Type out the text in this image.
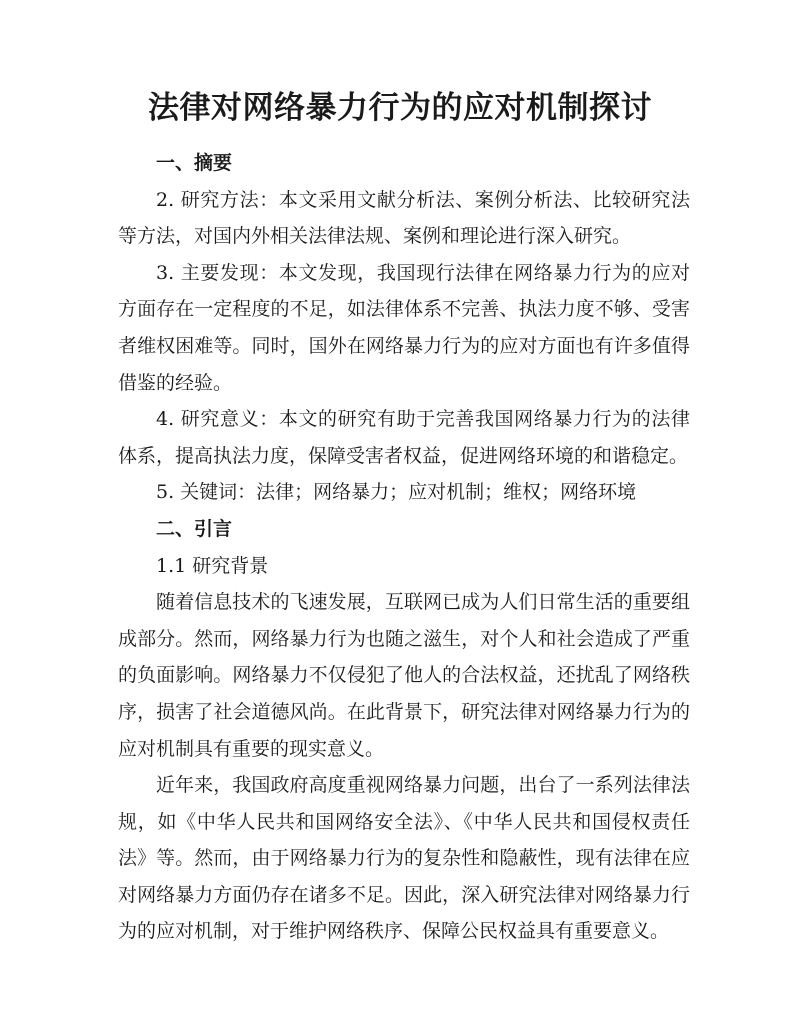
法律对网络暴力行为的应对机制探讨

一、摘要

2. 研究方法：本文采用文献分析法、案例分析法、比较研究法等方法，对国内外相关法律法规、案例和理论进行深入研究。

3. 主要发现：本文发现，我国现行法律在网络暴力行为的应对方面存在一定程度的不足，如法律体系不完善、执法力度不够、受害者维权困难等。同时，国外在网络暴力行为的应对方面也有许多值得借鉴的经验。

4. 研究意义：本文的研究有助于完善我国网络暴力行为的法律体系，提高执法力度，保障受害者权益，促进网络环境的和谐稳定。

5. 关键词：法律；网络暴力；应对机制；维权；网络环境

二、引言

1.1 研究背景

随着信息技术的飞速发展，互联网已成为人们日常生活的重要组成部分。然而，网络暴力行为也随之滋生，对个人和社会造成了严重的负面影响。网络暴力不仅侵犯了他人的合法权益，还扰乱了网络秩序，损害了社会道德风尚。在此背景下，研究法律对网络暴力行为的应对机制具有重要的现实意义。

近年来，我国政府高度重视网络暴力问题，出台了一系列法律法规，如《中华人民共和国网络安全法》、《中华人民共和国侵权责任法》等。然而，由于网络暴力行为的复杂性和隐蔽性，现有法律在应对网络暴力方面仍存在诸多不足。因此，深入研究法律对网络暴力行为的应对机制，对于维护网络秩序、保障公民权益具有重要意义。
